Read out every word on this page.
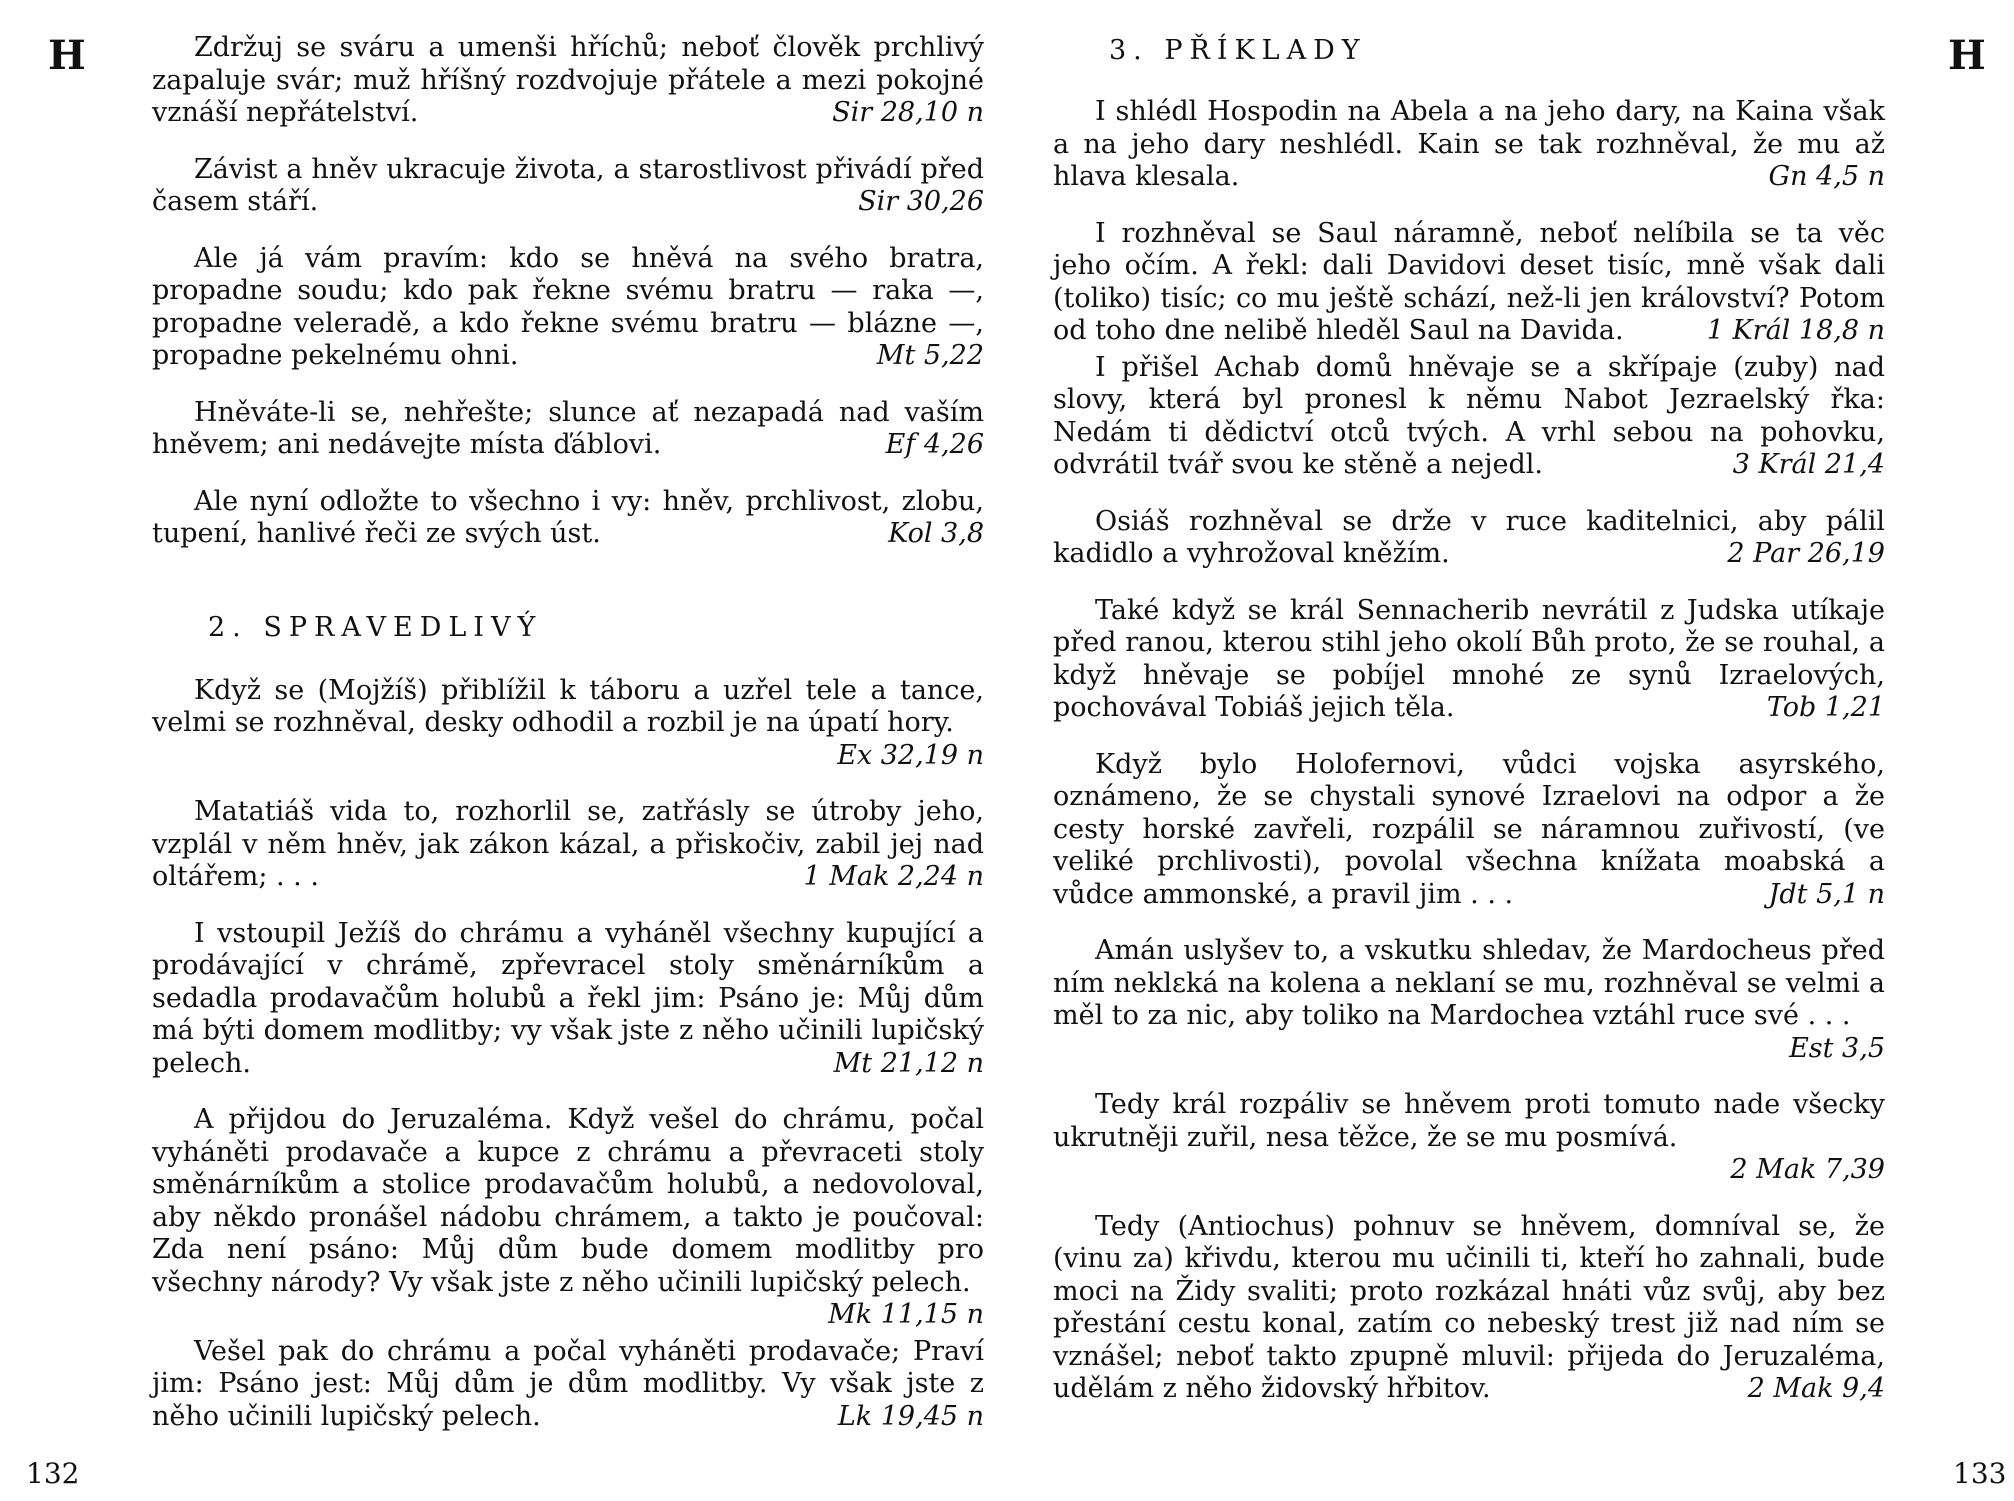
H	Zdržuj se sváru a umenši hříchů; neboť člověk prchlivý zapaluje svár; muž hříšný rozdvojuje přátele a mezi pokojné vznáší nepřátelství.	Sir 28,10 n
Závist a hněv ukracuje života, a starostlivost přivádí před časem stáří.	Sir 30,26
Ale já vám pravím: kdo se hněvá na svého bratra, propadne soudu; kdo pak řekne svému bratru — raka —, propadne veleradě, a kdo řekne svému bratru — blázne —, propadne pekelnému ohni.	Mt 5,22
Hněváte-li se, nehřešte; slunce ať nezapadá nad vaším hněvem; ani nedávejte místa ďáblovi.	Ef 4,26
Ale nyní odložte to všechno i vy: hněv, prchlivost, zlobu, tupení, hanlivé řeči ze svých úst.	Kol 3,8
2. SPRAVEDLIVÝ
Když se (Mojžíš) přiblížil k táboru a uzřel tele a tance, velmi se rozhněval, desky odhodil a rozbil je na úpatí hory.
Ex 32,19 n
Matatiáš vida to, rozhorlil se, zatřásly se útroby jeho, vzplál v něm hněv, jak zákon kázal, a přiskočiv, zabil jej nad oltářem; . . .	1 Mak 2,24 n
I vstoupil Ježíš do chrámu a vyháněl všechny kupující a prodávající v chrámě, zpřevracel stoly směnárníkům a sedadla prodavačům holubů a řekl jim: Psáno je: Můj dům má býti domem modlitby; vy však jste z něho učinili lupičský pelech.	Mt 21,12 n
A přijdou do Jeruzaléma. Když vešel do chrámu, počal vyháněti prodavače a kupce z chrámu a převraceti stoly směnárníkům a stolice prodavačům holubů, a nedovoloval, aby někdo pronášel nádobu chrámem, a takto je poučoval: Zda není psáno: Můj dům bude domem modlitby pro všechny národy? Vy však jste z něho učinili lupičský pelech.
Mk 11,15 n
Vešel pak do chrámu a počal vyháněti prodavače; Praví jim: Psáno jest: Můj dům je dům modlitby. Vy však jste z něho učinili lupičský pelech.	Lk 19,45 n
132
H
3. PŘÍKLADY
I shlédl Hospodin na Abela a na jeho dary, na Kaina však a na jeho dary neshlédl. Kain se tak rozhněval, že mu až hlava klesala.	Gn 4,5 n
I rozhněval se Saul náramně, neboť nelíbila se ta věc jeho očím. A řekl: dali Davidovi deset tisíc, mně však dali (toliko) tisíc; co mu ještě schází, než-li jen království? Potom od toho dne nelibě hleděl Saul na Davida.	1 Král 18,8 n
I přišel Achab domů hněvaje se a skřípaje (zuby) nad slovy, která byl pronesl k němu Nabot Jezraelský řka: Nedám ti dědictví otců tvých. A vrhl sebou na pohovku, odvrátil tvář svou ke stěně a nejedl.	3 Král 21,4
Osiáš rozhněval se drže v ruce kaditelnici, aby pálil kadidlo a vyhrožoval kněžím.	2 Par 26,19
Také když se král Sennacherib nevrátil z Judska utíkaje před ranou, kterou stihl jeho okolí Bůh proto, že se rouhal, a když hněvaje se pobíjel mnohé ze synů Izraelových, pochovával Tobiáš jejich těla.	Tob 1,21
Když bylo Holofernovi, vůdci vojska asyrského, oznámeno, že se chystali synové Izraelovi na odpor a že cesty horské zavřeli, rozpálil se náramnou zuřivostí, (ve veliké prchlivosti), povolal všechna knížata moabská a vůdce ammonské, a pravil jim . . .	Jdt 5,1 n
Amán uslyšev to, a vskutku shledav, že Mardocheus před ním neklεká na kolena a neklaní se mu, rozhněval se velmi a měl to za nic, aby toliko na Mardochea vztáhl ruce své . . .
Est 3,5
Tedy král rozpáliv se hněvem proti tomuto nade všecky ukrutněji zuřil, nesa těžce, že se mu posmívá.
2 Mak 7,39
Tedy (Antiochus) pohnuv se hněvem, domníval se, že (vinu za) křivdu, kterou mu učinili ti, kteří ho zahnali, bude moci na Židy svaliti; proto rozkázal hnáti vůz svůj, aby bez přestání cestu konal, zatím co nebeský trest již nad ním se vznášel; neboť takto zpupně mluvil: přijeda do Jeruzaléma, udělám z něho židovský hřbitov.	2 Mak 9,4
133
